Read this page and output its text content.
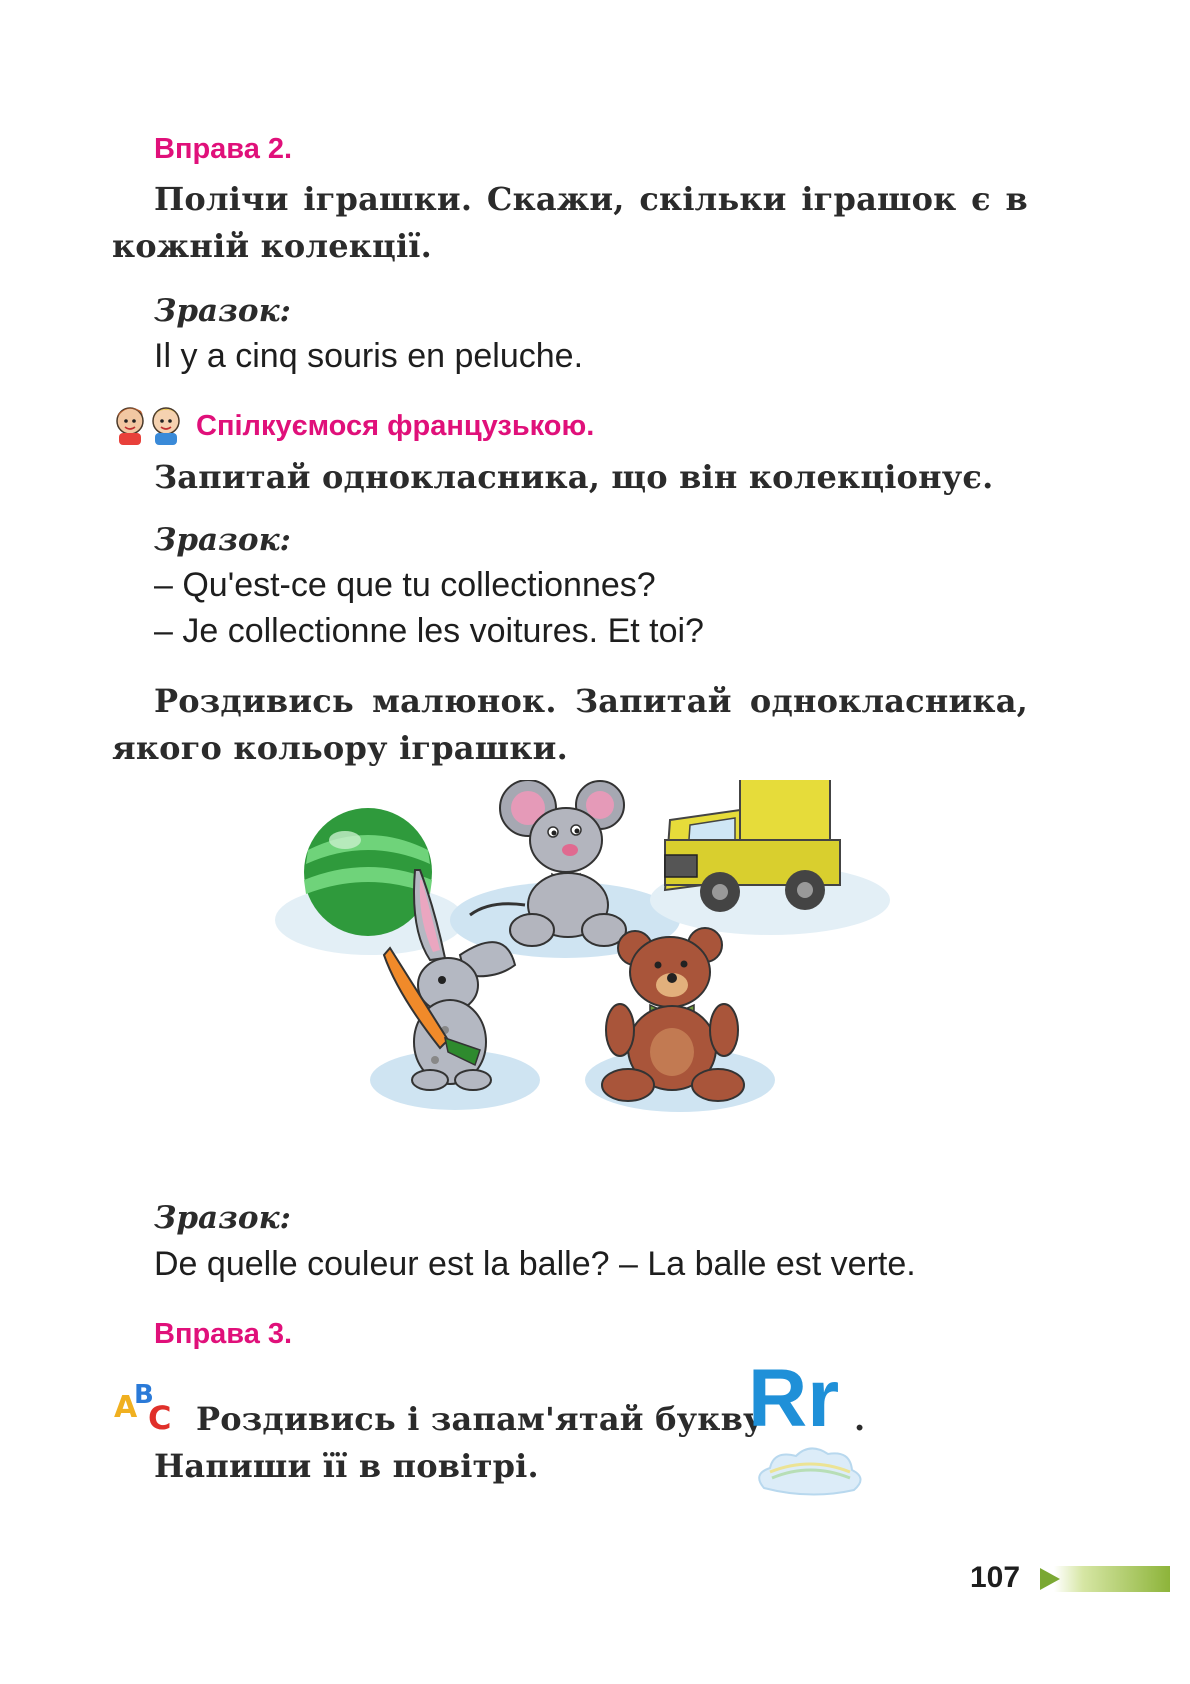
Вправа 2.
Полічи іграшки. Скажи, скільки іграшок є в
кожній колекції.
Зразок:
Il y a cinq souris en peluche.
Спілкуємося французькою.
Запитай однокласника, що він колекціонує.
Зразок:
– Qu'est-ce que tu collectionnes?
– Je collectionne les voitures. Et toi?
Роздивись малюнок. Запитай однокласника,
якого кольору іграшки.
Зразок:
De quelle couleur est la balle? – La balle est verte.
Вправа 3.
A
B
C Роздивись і запам'ятай букву
Rr .
Напиши її в повітрі.
107
